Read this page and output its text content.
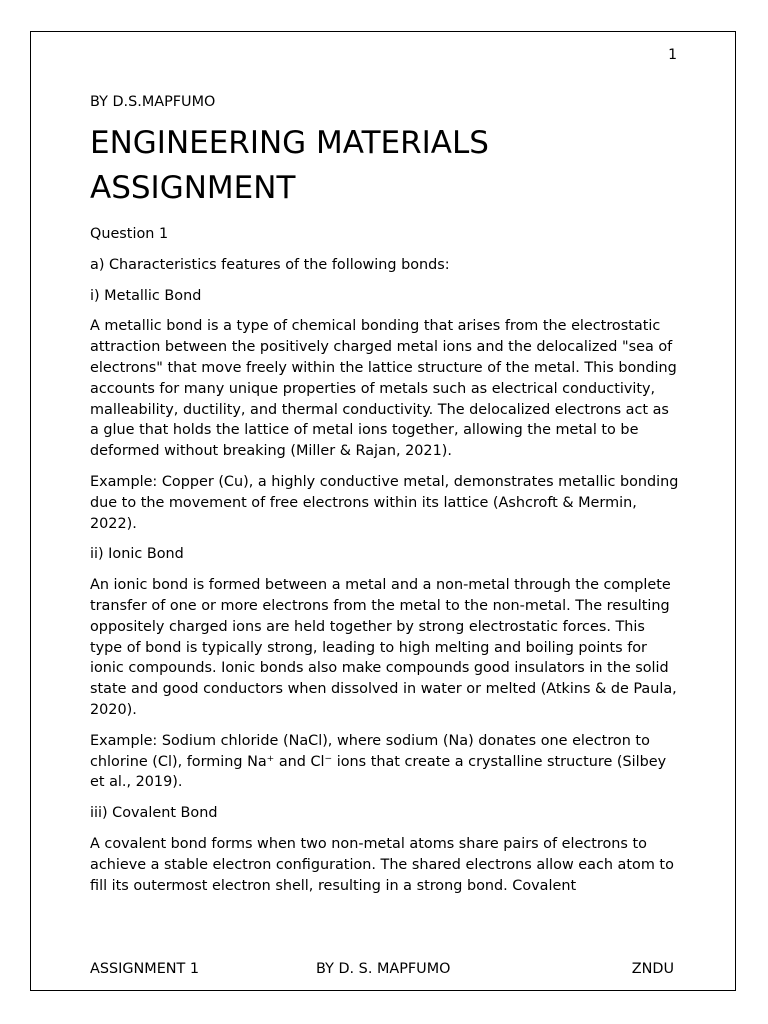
1
BY D.S.MAPFUMO
ENGINEERING MATERIALS ASSIGNMENT

Question 1

a) Characteristics features of the following bonds:

i) Metallic Bond

A metallic bond is a type of chemical bonding that arises from the electrostatic attraction between the positively charged metal ions and the delocalized "sea of electrons" that move freely within the lattice structure of the metal. This bonding accounts for many unique properties of metals such as electrical conductivity, malleability, ductility, and thermal conductivity. The delocalized electrons act as a glue that holds the lattice of metal ions together, allowing the metal to be deformed without breaking (Miller & Rajan, 2021).

Example: Copper (Cu), a highly conductive metal, demonstrates metallic bonding due to the movement of free electrons within its lattice (Ashcroft & Mermin, 2022).

ii) Ionic Bond

An ionic bond is formed between a metal and a non-metal through the complete transfer of one or more electrons from the metal to the non-metal. The resulting oppositely charged ions are held together by strong electrostatic forces. This type of bond is typically strong, leading to high melting and boiling points for ionic compounds. Ionic bonds also make compounds good insulators in the solid state and good conductors when dissolved in water or melted (Atkins & de Paula, 2020).

Example: Sodium chloride (NaCl), where sodium (Na) donates one electron to chlorine (Cl), forming Na⁺ and Cl⁻ ions that create a crystalline structure (Silbey et al., 2019).

iii) Covalent Bond

A covalent bond forms when two non-metal atoms share pairs of electrons to achieve a stable electron configuration. The shared electrons allow each atom to fill its outermost electron shell, resulting in a strong bond. Covalent

ASSIGNMENT 1	BY D. S. MAPFUMO	ZNDU
